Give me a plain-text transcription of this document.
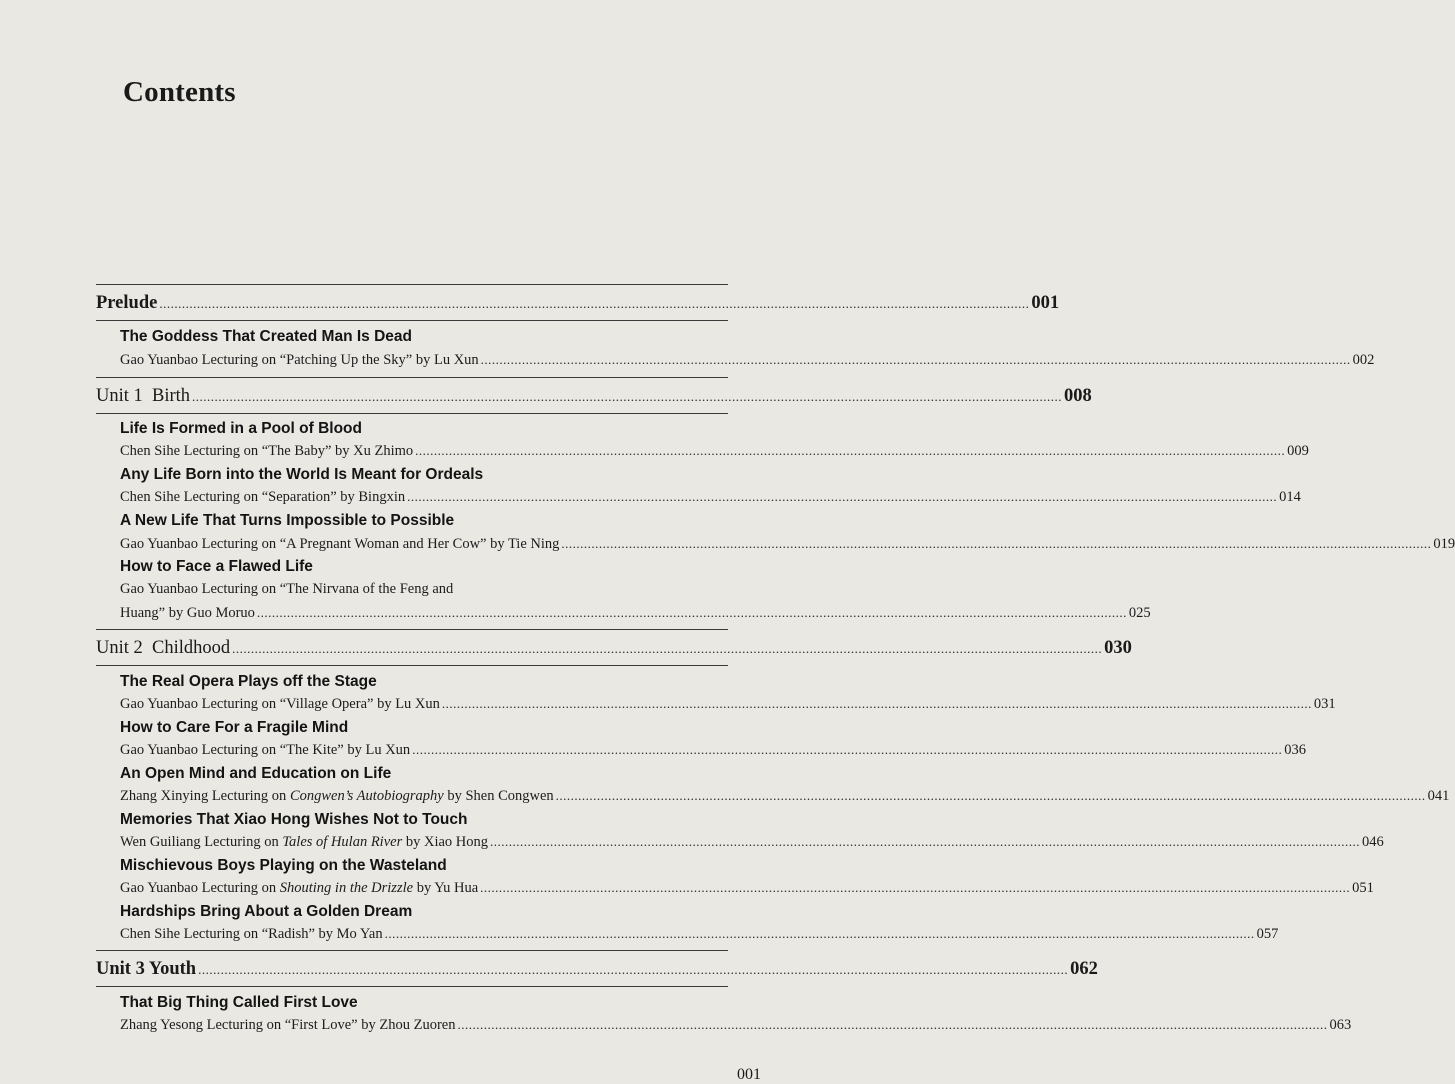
Contents
Prelude ........................................................................................................................................................................................................................................ 001
The Goddess That Created Man Is Dead
Gao Yuanbao Lecturing on “Patching Up the Sky” by Lu Xun ........................................................................................................................................................................................................................................ 002
Unit 1  Birth ........................................................................................................................................................................................................................................ 008
Life Is Formed in a Pool of Blood
Chen Sihe Lecturing on “The Baby” by Xu Zhimo ........................................................................................................................................................................................................................................ 009
Any Life Born into the World Is Meant for Ordeals
Chen Sihe Lecturing on “Separation” by Bingxin ........................................................................................................................................................................................................................................ 014
A New Life That Turns Impossible to Possible
Gao Yuanbao Lecturing on “A Pregnant Woman and Her Cow” by Tie Ning ........................................................................................................................................................................................................................................ 019
How to Face a Flawed Life
Gao Yuanbao Lecturing on “The Nirvana of the Feng and
Huang” by Guo Moruo ........................................................................................................................................................................................................................................ 025
Unit 2  Childhood ........................................................................................................................................................................................................................................ 030
The Real Opera Plays off the Stage
Gao Yuanbao Lecturing on “Village Opera” by Lu Xun ........................................................................................................................................................................................................................................ 031
How to Care For a Fragile Mind
Gao Yuanbao Lecturing on “The Kite” by Lu Xun ........................................................................................................................................................................................................................................ 036
An Open Mind and Education on Life
Zhang Xinying Lecturing on Congwen’s Autobiography by Shen Congwen ........................................................................................................................................................................................................................................ 041
Memories That Xiao Hong Wishes Not to Touch
Wen Guiliang Lecturing on Tales of Hulan River by Xiao Hong ........................................................................................................................................................................................................................................ 046
Mischievous Boys Playing on the Wasteland
Gao Yuanbao Lecturing on Shouting in the Drizzle by Yu Hua ........................................................................................................................................................................................................................................ 051
Hardships Bring About a Golden Dream
Chen Sihe Lecturing on “Radish” by Mo Yan ........................................................................................................................................................................................................................................ 057
Unit 3 Youth ........................................................................................................................................................................................................................................ 062
That Big Thing Called First Love
Zhang Yesong Lecturing on “First Love” by Zhou Zuoren ........................................................................................................................................................................................................................................ 063
001
